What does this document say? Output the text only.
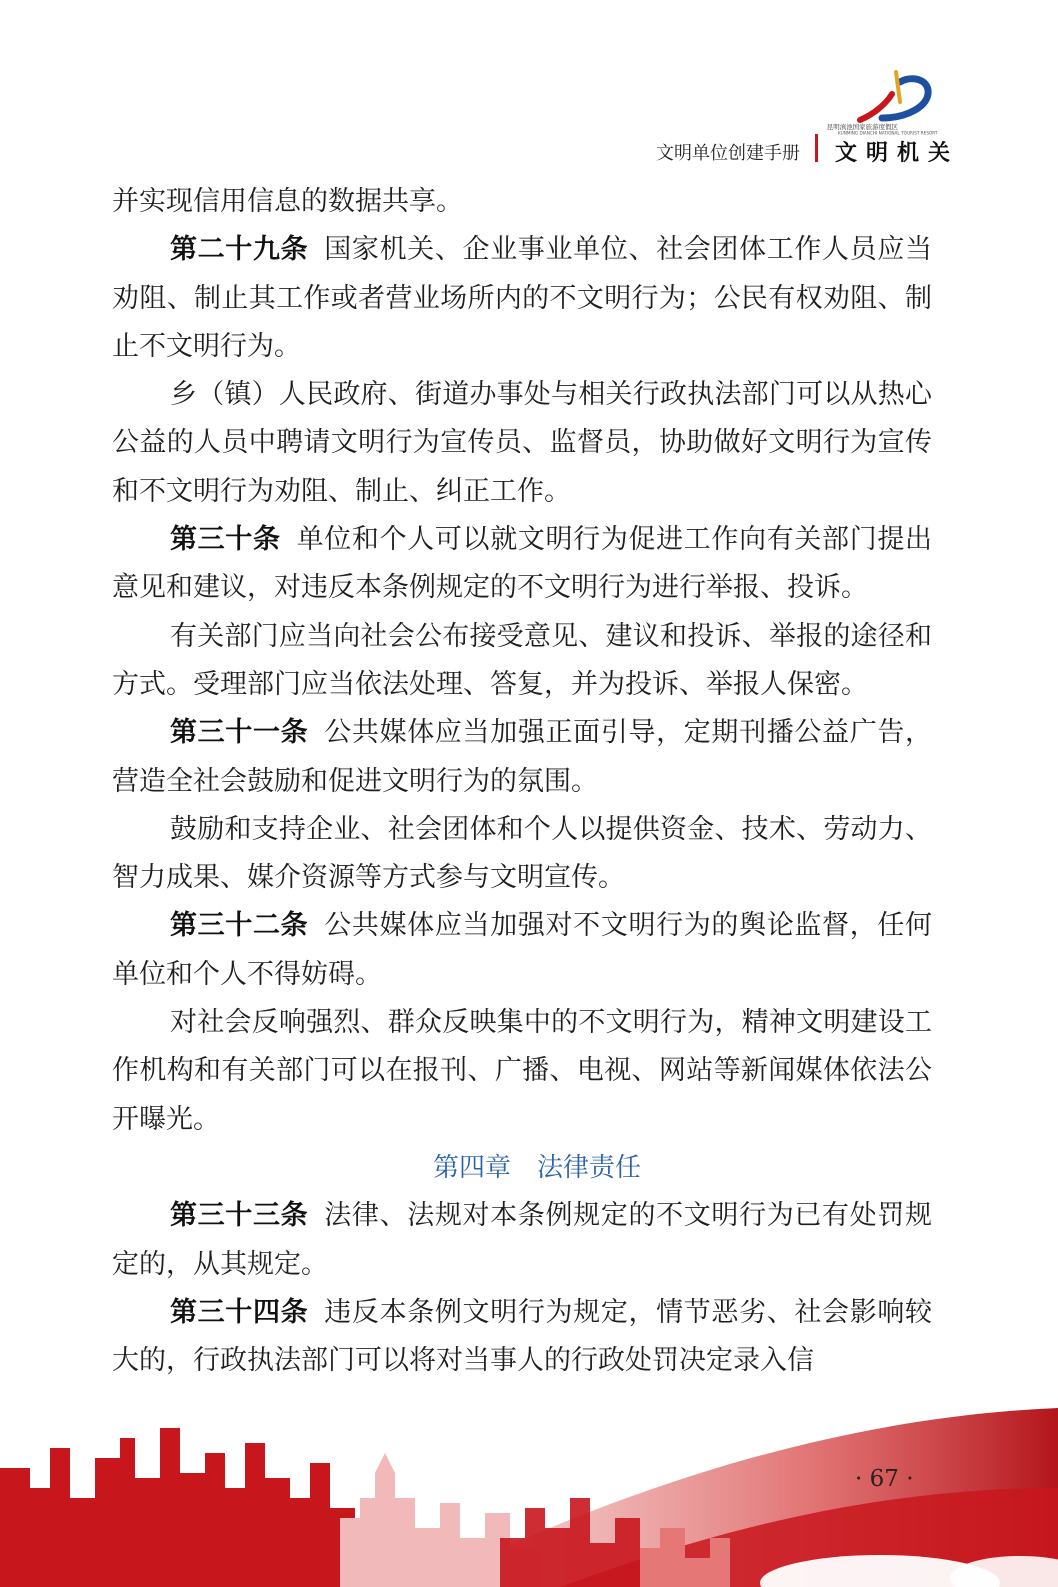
昆明滇池国家旅游度假区
KUNMING DIANCHI NATIONAL TOURIST RESORT
文明单位创建手册 文明机关

并实现信用信息的数据共享。

第二十九条 国家机关、企业事业单位、社会团体工作人员应当劝阻、制止其工作或者营业场所内的不文明行为；公民有权劝阻、制止不文明行为。

乡（镇）人民政府、街道办事处与相关行政执法部门可以从热心公益的人员中聘请文明行为宣传员、监督员，协助做好文明行为宣传和不文明行为劝阻、制止、纠正工作。

第三十条 单位和个人可以就文明行为促进工作向有关部门提出意见和建议，对违反本条例规定的不文明行为进行举报、投诉。

有关部门应当向社会公布接受意见、建议和投诉、举报的途径和方式。受理部门应当依法处理、答复，并为投诉、举报人保密。

第三十一条 公共媒体应当加强正面引导，定期刊播公益广告，营造全社会鼓励和促进文明行为的氛围。

鼓励和支持企业、社会团体和个人以提供资金、技术、劳动力、智力成果、媒介资源等方式参与文明宣传。

第三十二条 公共媒体应当加强对不文明行为的舆论监督，任何单位和个人不得妨碍。

对社会反响强烈、群众反映集中的不文明行为，精神文明建设工作机构和有关部门可以在报刊、广播、电视、网站等新闻媒体依法公开曝光。

第四章 法律责任

第三十三条 法律、法规对本条例规定的不文明行为已有处罚规定的，从其规定。

第三十四条 违反本条例文明行为规定，情节恶劣、社会影响较大的，行政执法部门可以将对当事人的行政处罚决定录入信

· 67 ·
